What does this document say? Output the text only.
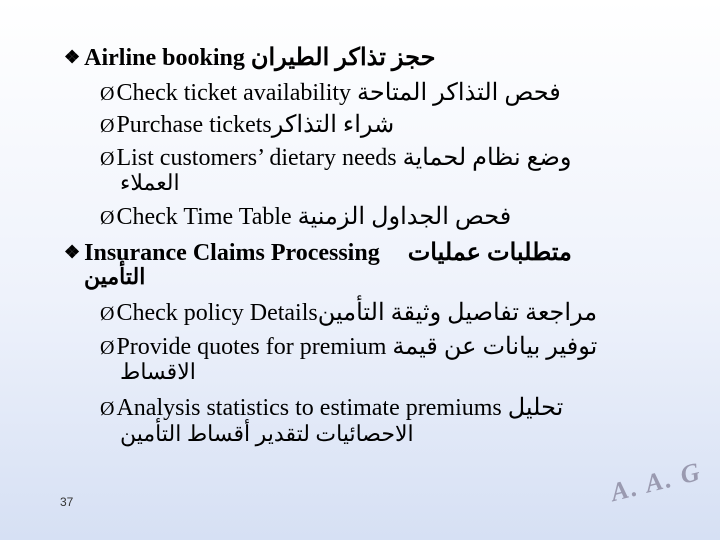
❖ Airline booking حجز تذاكر الطيران
ØCheck ticket availability فحص التذاكر المتاحة
ØPurchase ticketsشراء التذاكر
ØList customers’ dietary needs وضع نظام لحماية
العملاء
ØCheck Time Table فحص الجداول الزمنية
❖ Insurance Claims Processing متطلبات عمليات
التأمين
ØCheck policy Detailsمراجعة تفاصيل وثيقة التأمين
ØProvide quotes for premium توفير بيانات عن قيمة
الاقساط
ØAnalysis statistics to estimate premiums تحليل
الاحصائيات لتقدير أقساط التأمين
37	A. A. G
